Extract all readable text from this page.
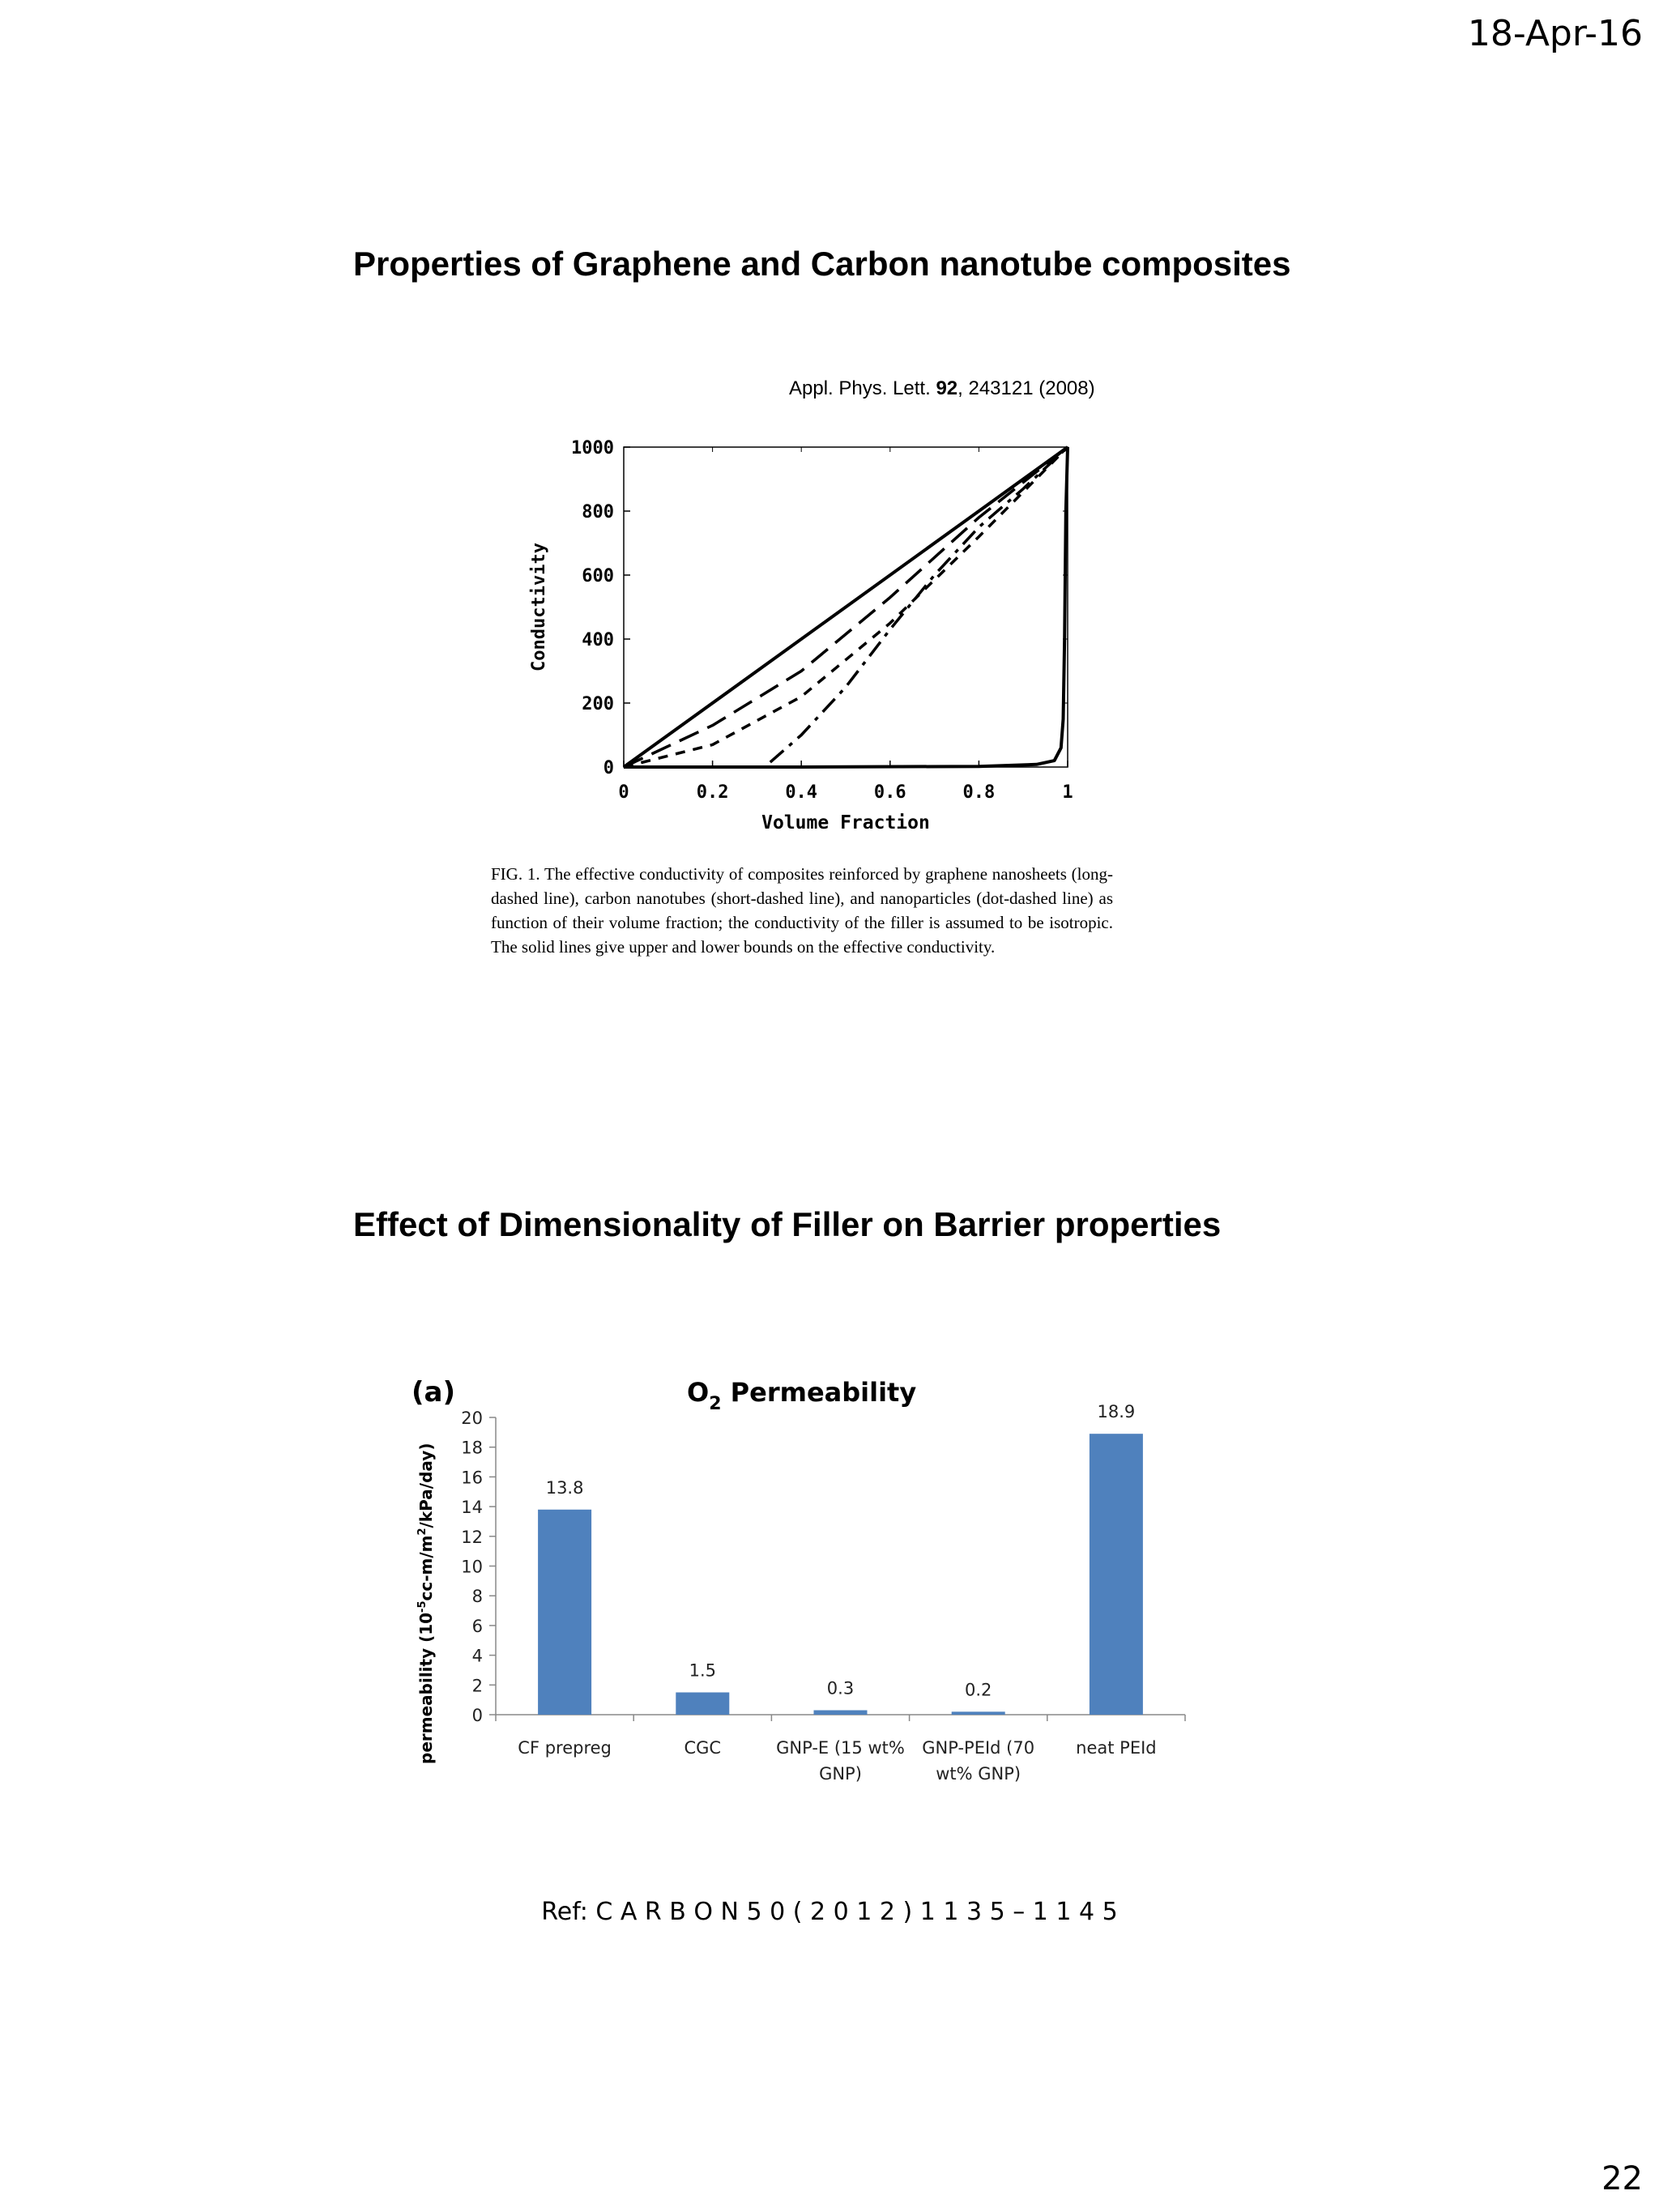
18-Apr-16
Properties of Graphene and Carbon nanotube composites
Appl. Phys. Lett. 92, 243121 (2008)
0
200
400
600
800
1000
0	0.2	0.4	0.6	0.8	1
Conductivity
Volume Fraction
FIG. 1. The effective conductivity of composites reinforced by graphene nanosheets (long-dashed line), carbon nanotubes (short-dashed line), and nanoparticles (dot-dashed line) as function of their volume fraction; the conductivity of the filler is assumed to be isotropic. The solid lines give upper and lower bounds on the effective conductivity.
Effect of Dimensionality of Filler on Barrier properties
(a)	$O_2$ Permeability
permeability $(10^{-5}cc-m/m^2/kPa/day)$
0
2
4
6
8
10
12
14
16
18
20
13.8
CF prepreg
1.5
CGC
0.3
GNP-E (15 wt%
GNP)
0.2
GNP-PEId (70
wt% GNP)
18.9
neat PEId
Ref: C A R B O N 5 0 ( 2 0 1 2 ) 1 1 3 5 – 1 1 4 5
22
